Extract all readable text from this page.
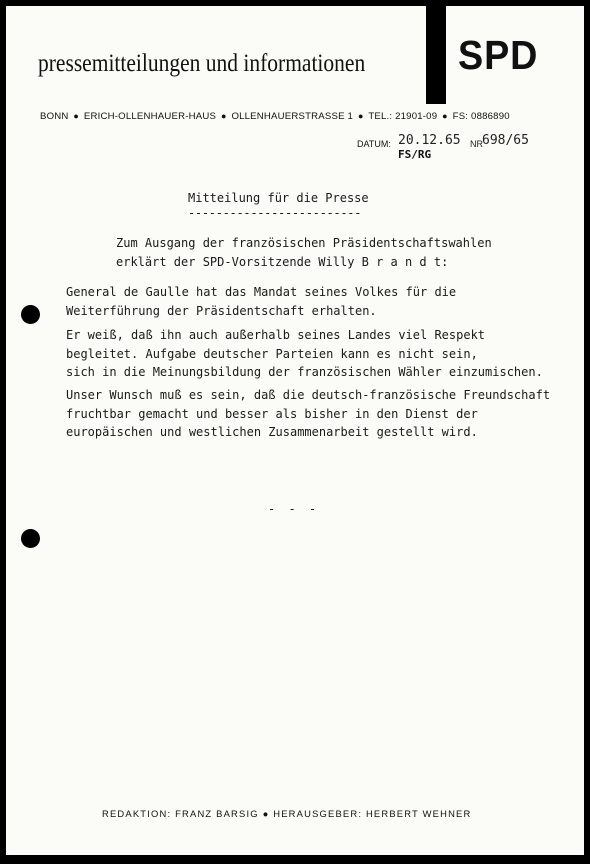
pressemitteilungen und informationen SPD
BONN ● ERICH-OLLENHAUER-HAUS ● OLLENHAUERSTRASSE 1 ● TEL.: 21901-09 ● FS: 0886890
DATUM: 20.12.65 NR 698/65
FS/RG
Mitteilung für die Presse
-------------------------
Zum Ausgang der französischen Präsidentschaftswahlen
erklärt der SPD-Vorsitzende Willy B r a n d t:
General de Gaulle hat das Mandat seines Volkes für die
Weiterführung der Präsidentschaft erhalten.
Er weiß, daß ihn auch außerhalb seines Landes viel Respekt
begleitet. Aufgabe deutscher Parteien kann es nicht sein,
sich in die Meinungsbildung der französischen Wähler einzumischen.
Unser Wunsch muß es sein, daß die deutsch-französische Freundschaft
fruchtbar gemacht und besser als bisher in den Dienst der
europäischen und westlichen Zusammenarbeit gestellt wird.
- - -
REDAKTION: FRANZ BARSIG ● HERAUSGEBER: HERBERT WEHNER
